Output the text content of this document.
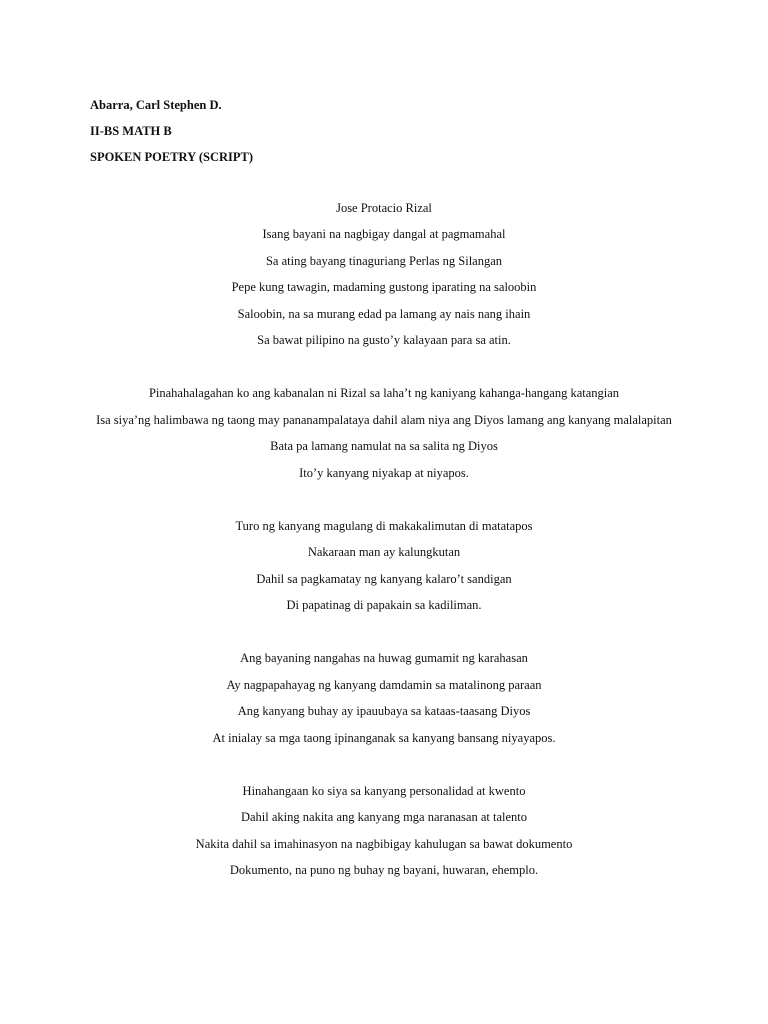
Abarra, Carl Stephen D.
II-BS MATH B
SPOKEN POETRY (SCRIPT)
Jose Protacio Rizal
Isang bayani na nagbigay dangal at pagmamahal
Sa ating bayang tinaguriang Perlas ng Silangan
Pepe kung tawagin, madaming gustong iparating na saloobin
Saloobin, na sa murang edad pa lamang ay nais nang ihain
Sa bawat pilipino na gusto’y kalayaan para sa atin.
Pinahahalagahan ko ang kabanalan ni Rizal sa laha’t ng kaniyang kahanga-hangang katangian
Isa siya’ng halimbawa ng taong may pananampalataya dahil alam niya ang Diyos lamang ang kanyang malalapitan
Bata pa lamang namulat na sa salita ng Diyos
Ito’y kanyang niyakap at niyapos.
Turo ng kanyang magulang di makakalimutan di matatapos
Nakaraan man ay kalungkutan
Dahil sa pagkamatay ng kanyang kalaro’t sandigan
Di papatinag di papakain sa kadiliman.
Ang bayaning nangahas na huwag gumamit ng karahasan
Ay nagpapahayag ng kanyang damdamin sa matalinong paraan
Ang kanyang buhay ay ipauubaya sa kataas-taasang Diyos
At inialay sa mga taong ipinanganak sa kanyang bansang niyayapos.
Hinahangaan ko siya sa kanyang personalidad at kwento
Dahil aking nakita ang kanyang mga naranasan at talento
Nakita dahil sa imahinasyon na nagbibigay kahulugan sa bawat dokumento
Dokumento, na puno ng buhay ng bayani, huwaran, ehemplo.
